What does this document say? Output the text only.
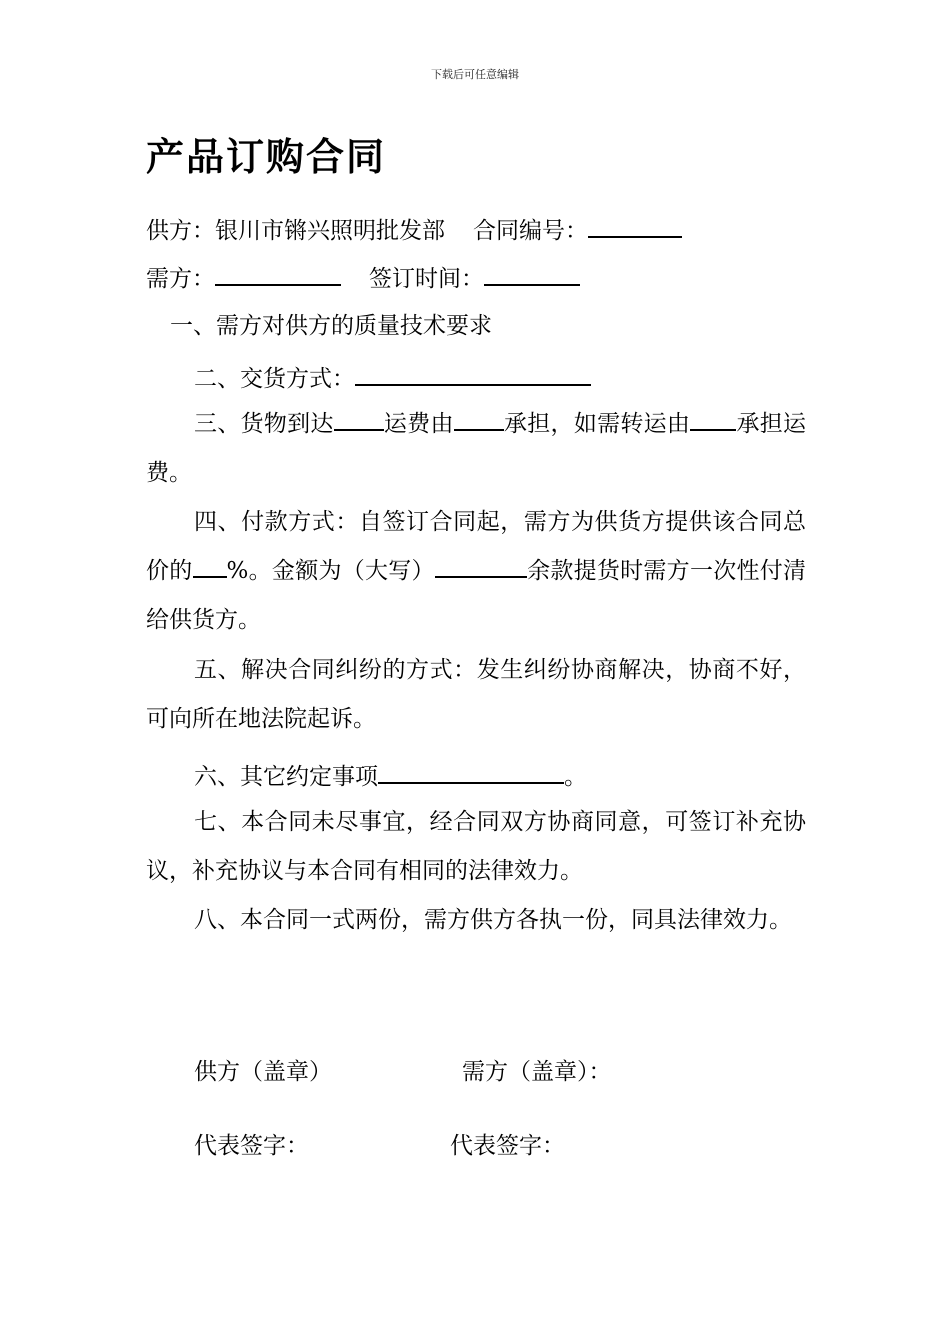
下载后可任意编辑
产品订购合同
供方：银川市锵兴照明批发部 合同编号：
需方：	签订时间：
一、需方对供方的质量技术要求
二、交货方式：

三、货物到达 运费由 承担，如需转运由 承担运费。

四、付款方式：自签订合同起，需方为供货方提供该合同总价的 %。金额为（大写）	余款提货时需方一次性付清给供货方。

五、解决合同纠纷的方式：发生纠纷协商解决，协商不好，可向所在地法院起诉。

六、其它约定事项	。

七、本合同未尽事宜，经合同双方协商同意，可签订补充协议，补充协议与本合同有相同的法律效力。

八、本合同一式两份，需方供方各执一份，同具法律效力。

供方（盖章）	需方（盖章）：
代表签字：	代表签字：
